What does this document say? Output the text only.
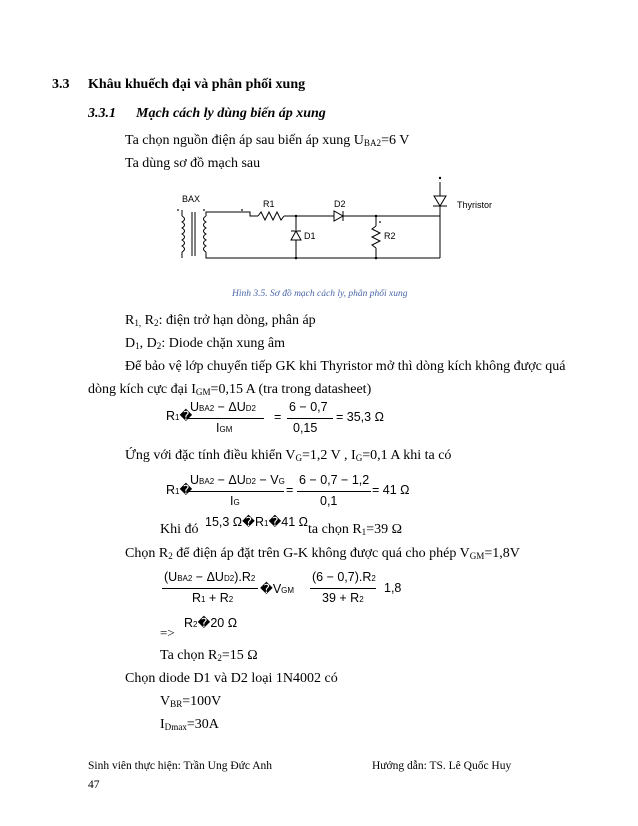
3.3 Khâu khuếch đại và phân phối xung
3.3.1 Mạch cách ly dùng biến áp xung
Ta chọn nguồn điện áp sau biến áp xung $U_{BA2}=6$ V
Ta dùng sơ đồ mạch sau
BAX	R1	D2
D1	R2
Thyristor
Hình 3.5. Sơ đồ mạch cách ly, phân phối xung
$R_{1,}$ $R_2$: điện trở hạn dòng, phân áp
$D_1$, $D_2$: Diode chặn xung âm
Để bảo vệ lớp chuyển tiếp GK khi Thyristor mở thì dòng kích không được quá
dòng kích cực đại $I_{GM}=0,15$ A (tra trong datasheet)
R1�
UBA2 − ΔUD2
IGM
=
6 − 0,7
0,15
= 35,3 Ω
Ứng với đặc tính điều khiển $V_G=1,2$ V , $I_G=0,1$ A khi ta có
R1�
UBA2 − ΔUD2 − VG
IG
=
6 − 0,7 − 1,2
0,1
= 41 Ω
Khi đó 15,3 Ω�R1�41 Ω ta chọn $R_1=39$ Ω
Chọn $R_2$ để điện áp đặt trên G-K không được quá cho phép $V_{GM}=1,8V$
(UBA2 − ΔUD2).R2
R1 + R2
�VGM
(6 − 0,7).R2
39 + R2
1,8
=>
R2�20 Ω
Ta chọn $R_2=15$ Ω
Chọn diode D1 và D2 loại 1N4002 có
$V_{BR}=100V$
$I_{Dmax}=30A$
Sinh viên thực hiện: Trần Ung Đức Anh	Hướng dẫn: TS. Lê Quốc Huy
47
